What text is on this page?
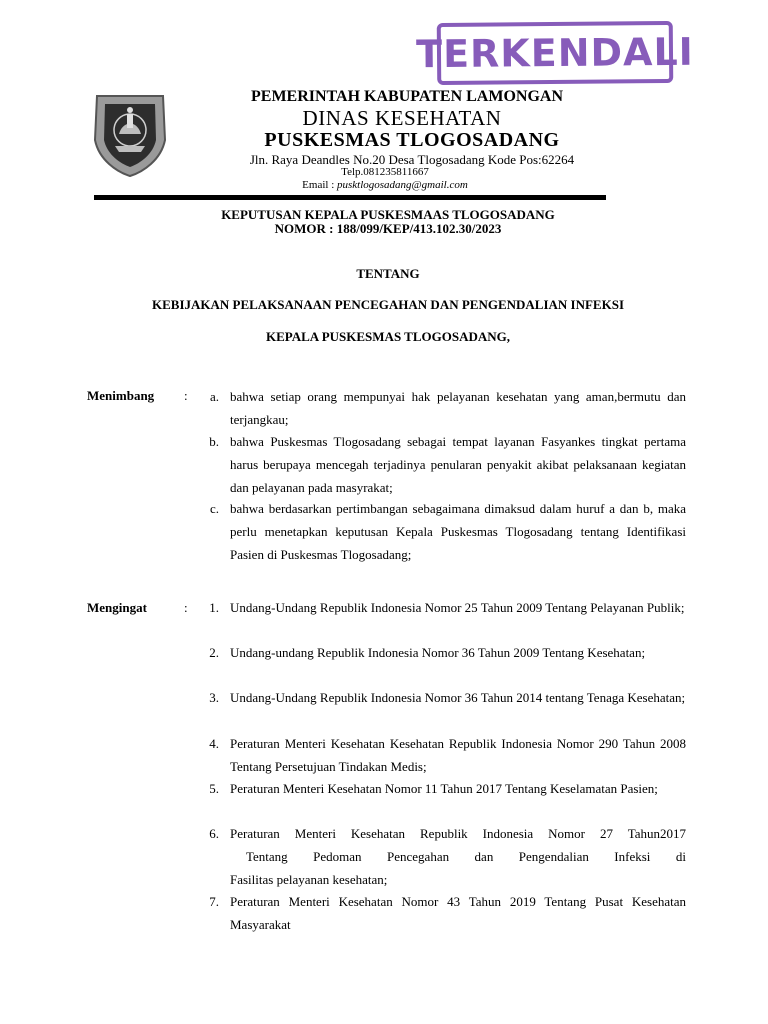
TERKENDALI
PEMERINTAH KABUPATEN LAMONGAN
DINAS KESEHATAN
PUSKESMAS TLOGOSADANG
Jln. Raya Deandles No.20 Desa Tlogosadang Kode Pos:62264
Telp.081235811667
Email : pusktlogosadang@gmail.com
KEPUTUSAN KEPALA PUSKESMAAS TLOGOSADANG
NOMOR : 188/099/KEP/413.102.30/2023
TENTANG
KEBIJAKAN PELAKSANAAN PENCEGAHAN DAN PENGENDALIAN INFEKSI
KEPALA PUSKESMAS TLOGOSADANG,
Menimbang :	a. bahwa setiap orang mempunyai hak pelayanan kesehatan yang aman,bermutu dan terjangkau;
b. bahwa Puskesmas Tlogosadang sebagai tempat layanan Fasyankes tingkat pertama harus berupaya mencegah terjadinya penularan penyakit akibat pelaksanaan kegiatan dan pelayanan pada masyrakat;
c. bahwa berdasarkan pertimbangan sebagaimana dimaksud dalam huruf a dan b, maka perlu menetapkan keputusan Kepala Puskesmas Tlogosadang tentang Identifikasi Pasien di Puskesmas Tlogosadang;
Mengingat	:	1. Undang-Undang Republik Indonesia Nomor 25 Tahun 2009 Tentang Pelayanan Publik;
2. Undang-undang Republik Indonesia Nomor 36 Tahun 2009 Tentang Kesehatan;
3. Undang-Undang Republik Indonesia Nomor 36 Tahun 2014 tentang Tenaga Kesehatan;
4. Peraturan Menteri Kesehatan Kesehatan Republik Indonesia Nomor 290 Tahun 2008 Tentang Persetujuan Tindakan Medis;
5. Peraturan Menteri Kesehatan Nomor 11 Tahun 2017 Tentang Keselamatan Pasien;
6. Peraturan Menteri Kesehatan Republik Indonesia Nomor 27 Tahun2017
Tentang Pedoman Pencegahan dan Pengendalian Infeksi di
Fasilitas pelayanan kesehatan;
7. Peraturan Menteri Kesehatan Nomor 43 Tahun 2019 Tentang Pusat Kesehatan Masyarakat
